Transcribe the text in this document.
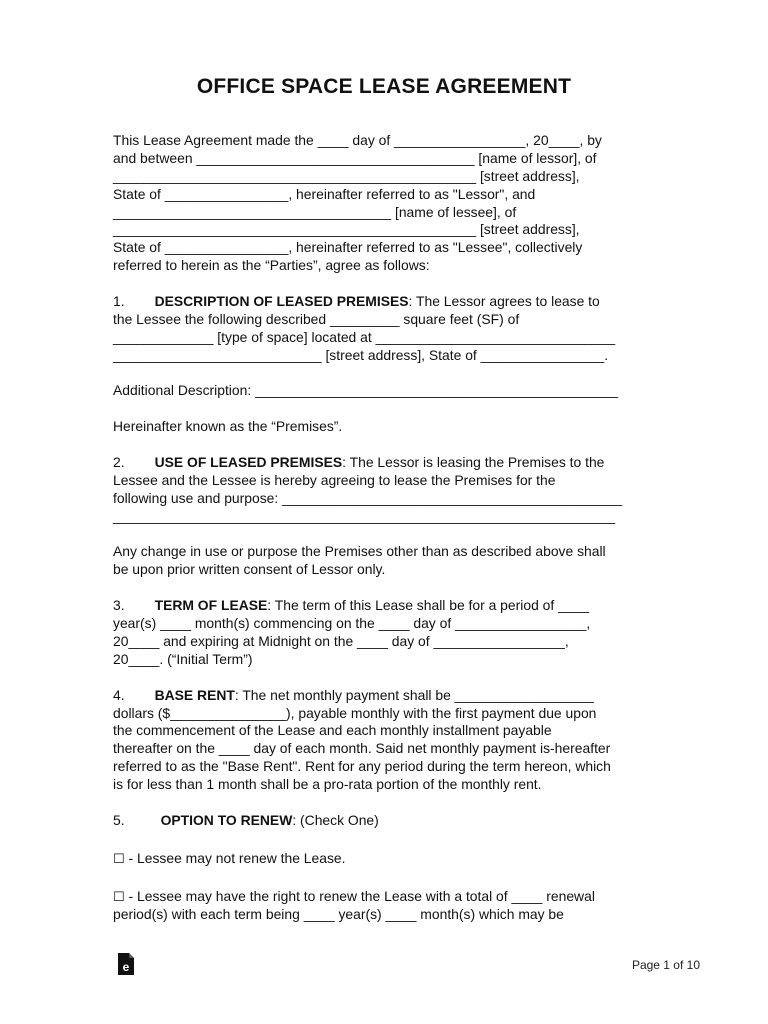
OFFICE SPACE LEASE AGREEMENT
This Lease Agreement made the ____ day of _________________, 20____, by
and between ____________________________________ [name of lessor], of
_______________________________________________ [street address],
State of ________________, hereinafter referred to as "Lessor", and
____________________________________ [name of lessee], of
_______________________________________________ [street address],
State of ________________, hereinafter referred to as "Lessee", collectively
referred to herein as the “Parties”, agree as follows:
1. DESCRIPTION OF LEASED PREMISES: The Lessor agrees to lease to
the Lessee the following described _________ square feet (SF) of
_____________ [type of space] located at _______________________________
___________________________ [street address], State of ________________.
Additional Description: _______________________________________________
Hereinafter known as the “Premises”.
2. USE OF LEASED PREMISES: The Lessor is leasing the Premises to the
Lessee and the Lessee is hereby agreeing to lease the Premises for the
following use and purpose: ____________________________________________
_________________________________________________________________
Any change in use or purpose the Premises other than as described above shall
be upon prior written consent of Lessor only.
3. TERM OF LEASE: The term of this Lease shall be for a period of ____
year(s) ____ month(s) commencing on the ____ day of _________________,
20____ and expiring at Midnight on the ____ day of _________________,
20____. (“Initial Term”)
4. BASE RENT: The net monthly payment shall be __________________
dollars ($_______________), payable monthly with the first payment due upon
the commencement of the Lease and each monthly installment payable
thereafter on the ____ day of each month. Said net monthly payment is-hereafter
referred to as the "Base Rent". Rent for any period during the term hereon, which
is for less than 1 month shall be a pro-rata portion of the monthly rent.
5.	OPTION TO RENEW: (Check One)
☐ - Lessee may not renew the Lease.
☐ - Lessee may have the right to renew the Lease with a total of ____ renewal
period(s) with each term being ____ year(s) ____ month(s) which may be
e	Page 1 of 10
